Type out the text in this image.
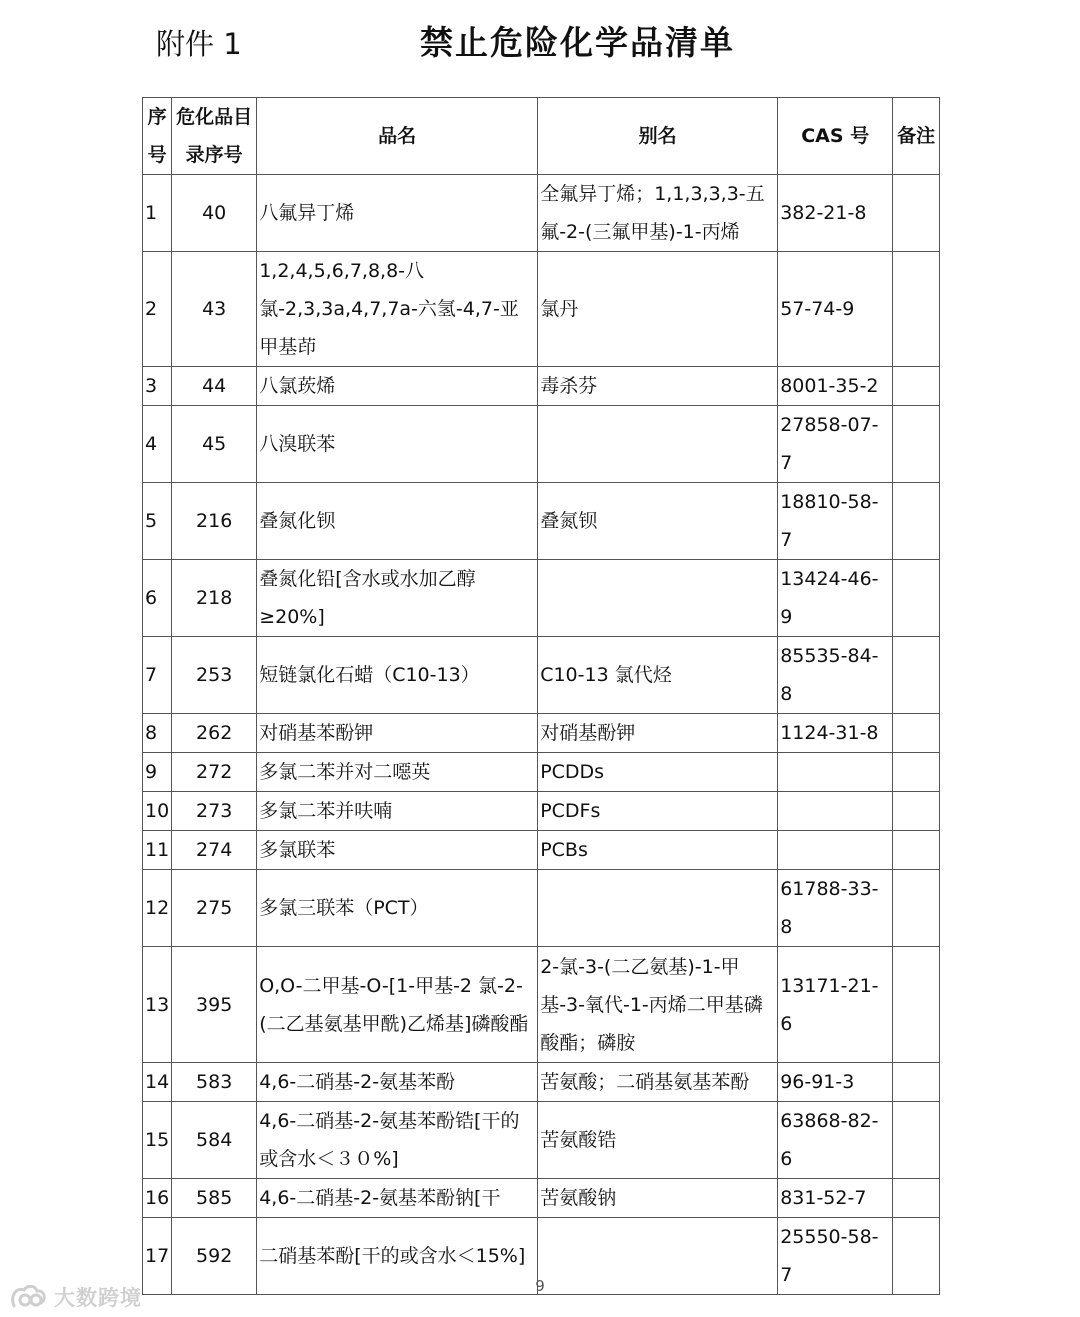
附件 1	禁止危险化学品清单
序号	危化品目录序号	品名	别名	CAS 号	备注
1	40	八氟异丁烯	全氟异丁烯；1,1,3,3,3-五氟-2-(三氟甲基)-1-丙烯	382-21-8	
2	43	1,2,4,5,6,7,8,8-八氯-2,3,3a,4,7,7a-六氢-4,7-亚甲基茚	氯丹	57-74-9	
3	44	八氯莰烯	毒杀芬	8001-35-2	
4	45	八溴联苯		27858-07-7	
5	216	叠氮化钡	叠氮钡	18810-58-7	
6	218	叠氮化铅[含水或水加乙醇≥20%]		13424-46-9	
7	253	短链氯化石蜡（C10-13）	C10-13 氯代烃	85535-84-8	
8	262	对硝基苯酚钾	对硝基酚钾	1124-31-8	
9	272	多氯二苯并对二噁英	PCDDs		
10	273	多氯二苯并呋喃	PCDFs		
11	274	多氯联苯	PCBs		
12	275	多氯三联苯（PCT）		61788-33-8	
13	395	O,O-二甲基-O-[1-甲基-2 氯-2-(二乙基氨基甲酰)乙烯基]磷酸酯	2-氯-3-(二乙氨基)-1-甲基-3-氧代-1-丙烯二甲基磷酸酯；磷胺	13171-21-6	
14	583	4,6-二硝基-2-氨基苯酚	苦氨酸；二硝基氨基苯酚	96-91-3	
15	584	4,6-二硝基-2-氨基苯酚锆[干的或含水＜３０%]	苦氨酸锆	63868-82-6	
16	585	4,6-二硝基-2-氨基苯酚钠[干	苦氨酸钠	831-52-7	
17	592	二硝基苯酚[干的或含水＜15%]		25550-58-7	
9
大数跨境
